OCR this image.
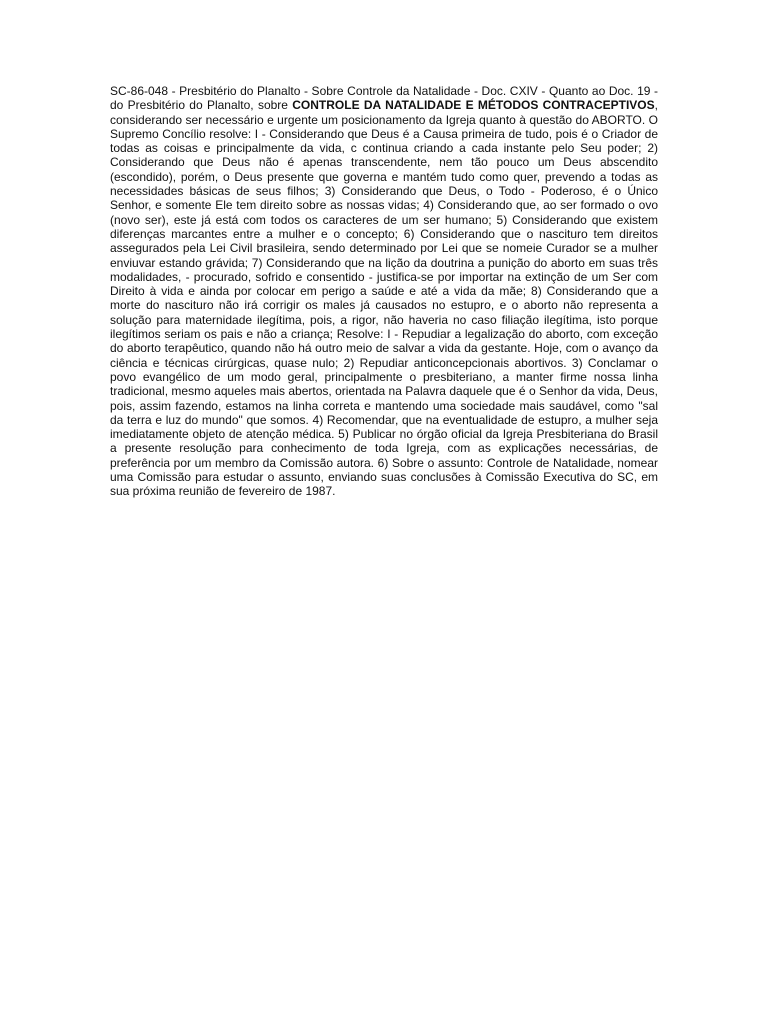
SC-86-048 - Presbitério do Planalto - Sobre Controle da Natalidade - Doc. CXIV - Quanto ao Doc. 19 - do Presbitério do Planalto, sobre CONTROLE DA NATALIDADE E MÉTODOS CONTRACEPTIVOS, considerando ser necessário e urgente um posicionamento da Igreja quanto à questão do ABORTO. O Supremo Concílio resolve: I - Considerando que Deus é a Causa primeira de tudo, pois é o Criador de todas as coisas e principalmente da vida, c continua criando a cada instante pelo Seu poder; 2) Considerando que Deus não é apenas transcendente, nem tão pouco um Deus abscendito (escondido), porém, o Deus presente que governa e mantém tudo como quer, prevendo a todas as necessidades básicas de seus filhos; 3) Considerando que Deus, o Todo - Poderoso, é o Único Senhor, e somente Ele tem direito sobre as nossas vidas; 4) Considerando que, ao ser formado o ovo (novo ser), este já está com todos os caracteres de um ser humano; 5) Considerando que existem diferenças marcantes entre a mulher e o concepto; 6) Considerando que o nascituro tem direitos assegurados pela Lei Civil brasileira, sendo determinado por Lei que se nomeie Curador se a mulher enviuvar estando grávida; 7) Considerando que na lição da doutrina a punição do aborto em suas três modalidades, - procurado, sofrido e consentido - justifica-se por importar na extinção de um Ser com Direito à vida e ainda por colocar em perigo a saúde e até a vida da mãe; 8) Considerando que a morte do nascituro não irá corrigir os males já causados no estupro, e o aborto não representa a solução para maternidade ilegítima, pois, a rigor, não haveria no caso filiação ilegítima, isto porque ilegítimos seriam os pais e não a criança; Resolve: I - Repudiar a legalização do aborto, com exceção do aborto terapêutico, quando não há outro meio de salvar a vida da gestante. Hoje, com o avanço da ciência e técnicas cirúrgicas, quase nulo; 2) Repudiar anticoncepcionais abortivos. 3) Conclamar o povo evangélico de um modo geral, principalmente o presbiteriano, a manter firme nossa linha tradicional, mesmo aqueles mais abertos, orientada na Palavra daquele que é o Senhor da vida, Deus, pois, assim fazendo, estamos na linha correta e mantendo uma sociedade mais saudável, como "sal da terra e luz do mundo" que somos. 4) Recomendar, que na eventualidade de estupro, a mulher seja imediatamente objeto de atenção médica. 5) Publicar no órgão oficial da Igreja Presbiteriana do Brasil a presente resolução para conhecimento de toda Igreja, com as explicações necessárias, de preferência por um membro da Comissão autora. 6) Sobre o assunto: Controle de Natalidade, nomear uma Comissão para estudar o assunto, enviando suas conclusões à Comissão Executiva do SC, em sua próxima reunião de fevereiro de 1987.
